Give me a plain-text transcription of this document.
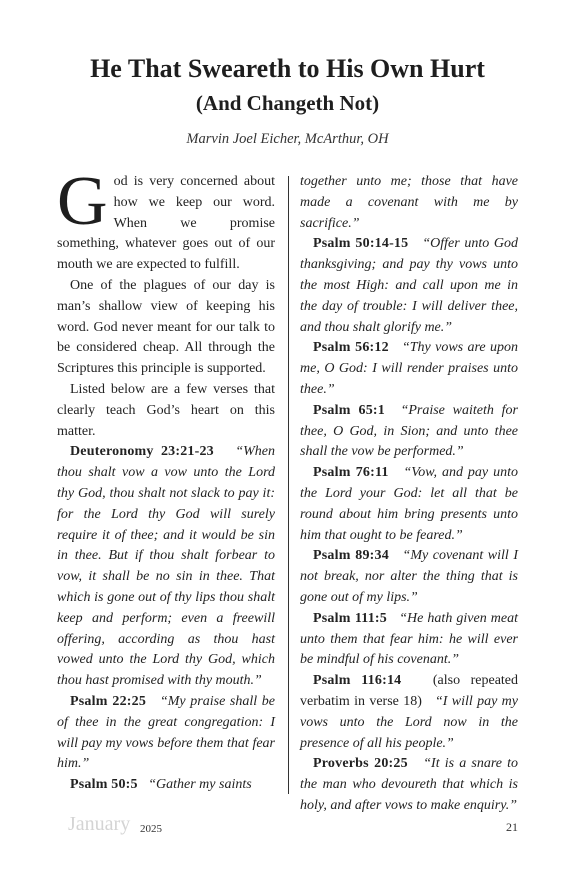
He That Sweareth to His Own Hurt
(And Changeth Not)
Marvin Joel Eicher, McArthur, OH

God is very concerned about how we keep our word. When we promise something, whatever goes out of our mouth we are expected to fulfill.

One of the plagues of our day is man’s shallow view of keeping his word. God never meant for our talk to be considered cheap. All through the Scriptures this principle is supported.

Listed below are a few verses that clearly teach God’s heart on this matter.

Deuteronomy 23:21-23 “When thou shalt vow a vow unto the Lord thy God, thou shalt not slack to pay it: for the Lord thy God will surely require it of thee; and it would be sin in thee. But if thou shalt forbear to vow, it shall be no sin in thee. That which is gone out of thy lips thou shalt keep and perform; even a freewill offering, according as thou hast vowed unto the Lord thy God, which thou hast promised with thy mouth.”

Psalm 22:25 “My praise shall be of thee in the great congregation: I will pay my vows before them that fear him.”

Psalm 50:5 “Gather my saints

together unto me; those that have made a covenant with me by sacrifice.”

Psalm 50:14-15 “Offer unto God thanksgiving; and pay thy vows unto the most High: and call upon me in the day of trouble: I will deliver thee, and thou shalt glorify me.”

Psalm 56:12 “Thy vows are upon me, O God: I will render praises unto thee.”

Psalm 65:1 “Praise waiteth for thee, O God, in Sion; and unto thee shall the vow be performed.”

Psalm 76:11 “Vow, and pay unto the Lord your God: let all that be round about him bring presents unto him that ought to be feared.”

Psalm 89:34 “My covenant will I not break, nor alter the thing that is gone out of my lips.”

Psalm 111:5 “He hath given meat unto them that fear him: he will ever be mindful of his covenant.”

Psalm 116:14 (also repeated verbatim in verse 18) “I will pay my vows unto the Lord now in the presence of all his people.”

Proverbs 20:25 “It is a snare to the man who devoureth that which is holy, and after vows to make enquiry.”

January 2025	21
